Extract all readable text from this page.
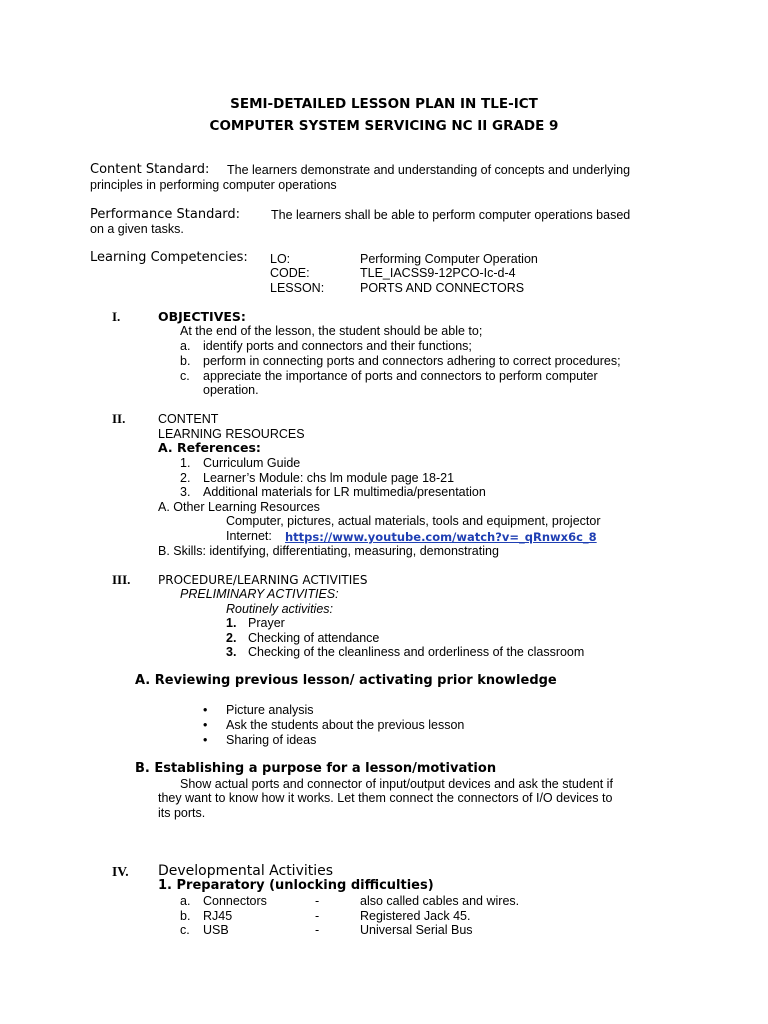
SEMI-DETAILED LESSON PLAN IN TLE-ICT
COMPUTER SYSTEM SERVICING NC II GRADE 9
Content Standard: The learners demonstrate and understanding of concepts and underlying
principles in performing computer operations
Performance Standard: The learners shall be able to perform computer operations based
on a given tasks.
Learning Competencies: LO:	Performing Computer Operation
CODE:	TLE_IACSS9-12PCO-Ic-d-4
LESSON:	PORTS AND CONNECTORS
I.	OBJECTIVES:
At the end of the lesson, the student should be able to;
a. identify ports and connectors and their functions;
b. perform in connecting ports and connectors adhering to correct procedures;
c. appreciate the importance of ports and connectors to perform computer
operation.
II.	CONTENT
LEARNING RESOURCES
A. References:
1. Curriculum Guide
2. Learner’s Module: chs lm module page 18-21
3. Additional materials for LR multimedia/presentation
A. Other Learning Resources
Computer, pictures, actual materials, tools and equipment, projector
Internet: https://www.youtube.com/watch?v=_qRnwx6c_8
B. Skills: identifying, differentiating, measuring, demonstrating
III. PROCEDURE/LEARNING ACTIVITIES
PRELIMINARY ACTIVITIES:
Routinely activities:
1. Prayer
2. Checking of attendance
3. Checking of the cleanliness and orderliness of the classroom
A. Reviewing previous lesson/ activating prior knowledge
• Picture analysis
• Ask the students about the previous lesson
• Sharing of ideas
B. Establishing a purpose for a lesson/motivation
Show actual ports and connector of input/output devices and ask the student if
they want to know how it works. Let them connect the connectors of I/O devices to
its ports.
IV. Developmental Activities
1. Preparatory (unlocking difficulties)
a. Connectors	-	also called cables and wires.
b. RJ45	-	Registered Jack 45.
c. USB	-	Universal Serial Bus
